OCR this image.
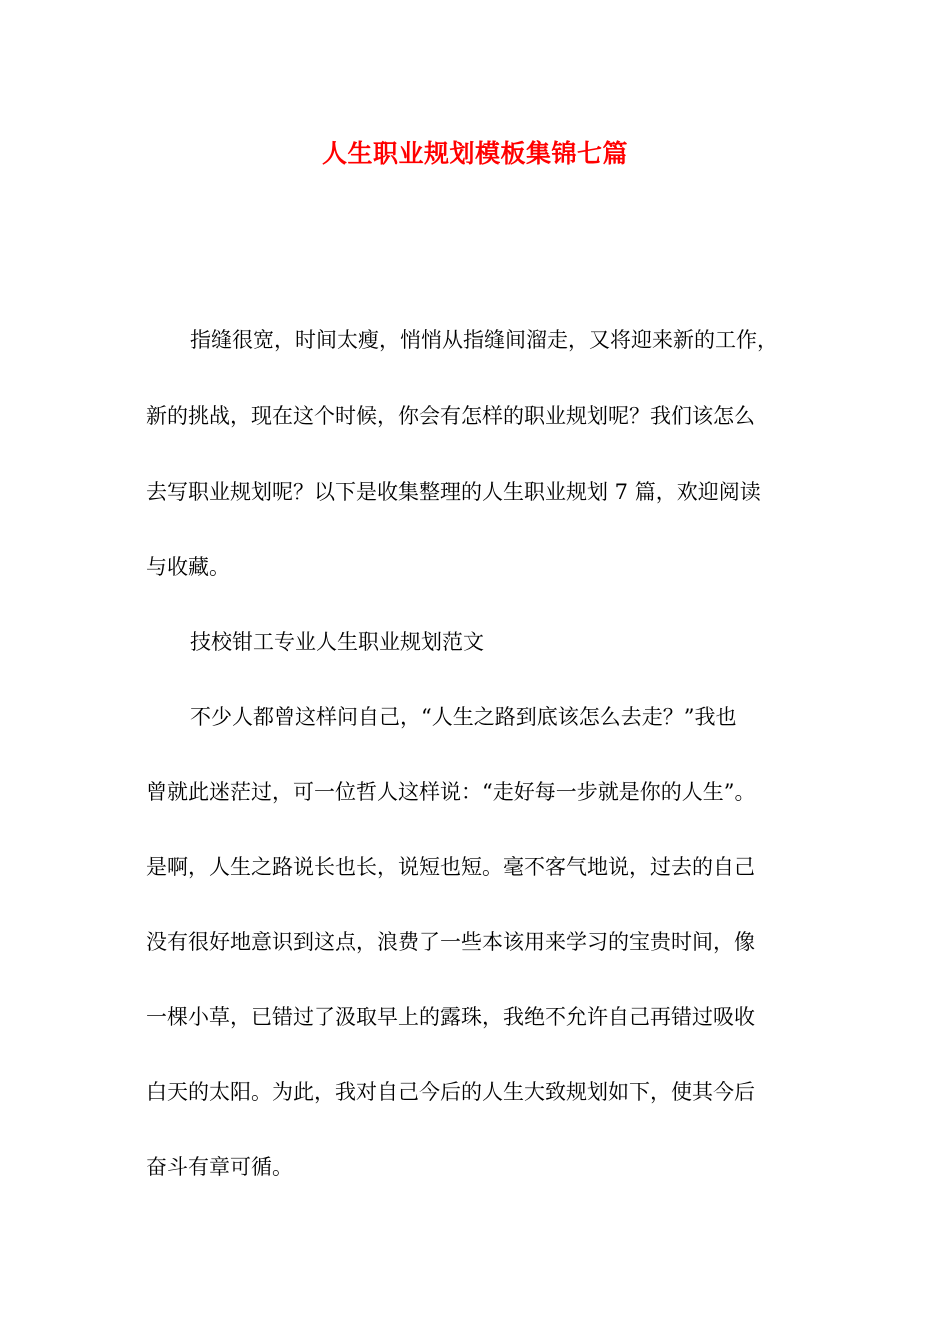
人生职业规划模板集锦七篇

指缝很宽，时间太瘦，悄悄从指缝间溜走，又将迎来新的工作，

新的挑战，现在这个时候，你会有怎样的职业规划呢？我们该怎么

去写职业规划呢？以下是收集整理的人生职业规划 7 篇，欢迎阅读

与收藏。

技校钳工专业人生职业规划范文

不少人都曾这样问自己，“人生之路到底该怎么去走？”我也

曾就此迷茫过，可一位哲人这样说：“走好每一步就是你的人生”。

是啊，人生之路说长也长，说短也短。毫不客气地说，过去的自己

没有很好地意识到这点，浪费了一些本该用来学习的宝贵时间，像

一棵小草，已错过了汲取早上的露珠，我绝不允许自己再错过吸收

白天的太阳。为此，我对自己今后的人生大致规划如下，使其今后

奋斗有章可循。
